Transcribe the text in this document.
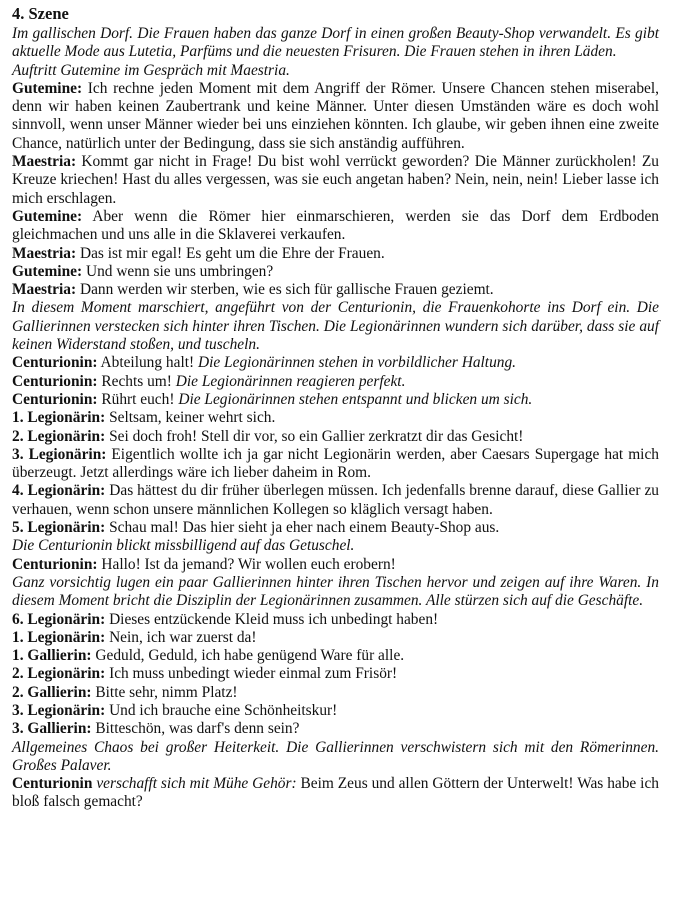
4. Szene

Im gallischen Dorf. Die Frauen haben das ganze Dorf in einen großen Beauty-Shop verwandelt. Es gibt aktuelle Mode aus Lutetia, Parfüms und die neuesten Frisuren. Die Frauen stehen in ihren Läden.

Auftritt Gutemine im Gespräch mit Maestria.

Gutemine: Ich rechne jeden Moment mit dem Angriff der Römer. Unsere Chancen stehen miserabel, denn wir haben keinen Zaubertrank und keine Männer. Unter diesen Umständen wäre es doch wohl sinnvoll, wenn unser Männer wieder bei uns einziehen könnten. Ich glaube, wir geben ihnen eine zweite Chance, natürlich unter der Bedingung, dass sie sich anständig aufführen.

Maestria: Kommt gar nicht in Frage! Du bist wohl verrückt geworden? Die Männer zurückholen! Zu Kreuze kriechen! Hast du alles vergessen, was sie euch angetan haben? Nein, nein, nein! Lieber lasse ich mich erschlagen.

Gutemine: Aber wenn die Römer hier einmarschieren, werden sie das Dorf dem Erdboden gleichmachen und uns alle in die Sklaverei verkaufen.

Maestria: Das ist mir egal! Es geht um die Ehre der Frauen.

Gutemine: Und wenn sie uns umbringen?

Maestria: Dann werden wir sterben, wie es sich für gallische Frauen geziemt.

In diesem Moment marschiert, angeführt von der Centurionin, die Frauenkohorte ins Dorf ein. Die Gallierinnen verstecken sich hinter ihren Tischen. Die Legionärinnen wundern sich darüber, dass sie auf keinen Widerstand stoßen, und tuscheln.

Centurionin: Abteilung halt! Die Legionärinnen stehen in vorbildlicher Haltung.

Centurionin: Rechts um! Die Legionärinnen reagieren perfekt.

Centurionin: Rührt euch! Die Legionärinnen stehen entspannt und blicken um sich.

1. Legionärin: Seltsam, keiner wehrt sich.

2. Legionärin: Sei doch froh! Stell dir vor, so ein Gallier zerkratzt dir das Gesicht!

3. Legionärin: Eigentlich wollte ich ja gar nicht Legionärin werden, aber Caesars Supergage hat mich überzeugt. Jetzt allerdings wäre ich lieber daheim in Rom.

4. Legionärin: Das hättest du dir früher überlegen müssen. Ich jedenfalls brenne darauf, diese Gallier zu verhauen, wenn schon unsere männlichen Kollegen so kläglich versagt haben.

5. Legionärin: Schau mal! Das hier sieht ja eher nach einem Beauty-Shop aus.

Die Centurionin blickt missbilligend auf das Getuschel.

Centurionin: Hallo! Ist da jemand? Wir wollen euch erobern!

Ganz vorsichtig lugen ein paar Gallierinnen hinter ihren Tischen hervor und zeigen auf ihre Waren. In diesem Moment bricht die Disziplin der Legionärinnen zusammen. Alle stürzen sich auf die Geschäfte.

6. Legionärin: Dieses entzückende Kleid muss ich unbedingt haben!

1. Legionärin: Nein, ich war zuerst da!

1. Gallierin: Geduld, Geduld, ich habe genügend Ware für alle.

2. Legionärin: Ich muss unbedingt wieder einmal zum Frisör!

2. Gallierin: Bitte sehr, nimm Platz!

3. Legionärin: Und ich brauche eine Schönheitskur!

3. Gallierin: Bitteschön, was darf's denn sein?

Allgemeines Chaos bei großer Heiterkeit. Die Gallierinnen verschwistern sich mit den Römerinnen. Großes Palaver.

Centurionin verschafft sich mit Mühe Gehör: Beim Zeus und allen Göttern der Unterwelt! Was habe ich bloß falsch gemacht?
